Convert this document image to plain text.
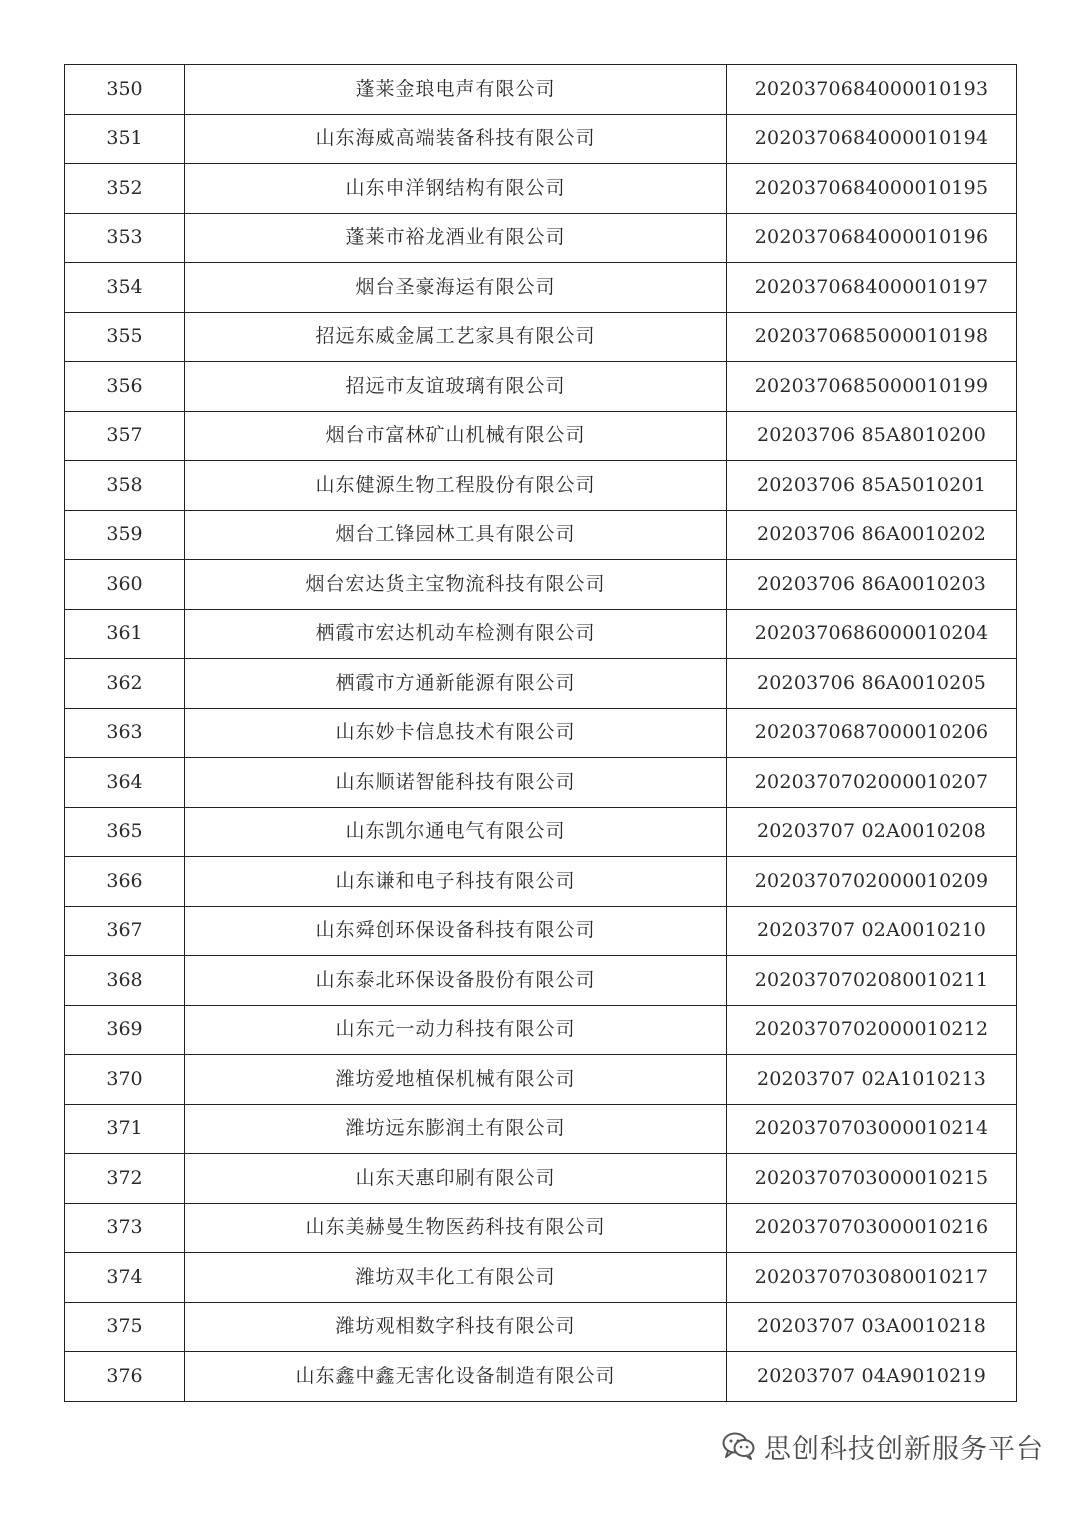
350	蓬莱金琅电声有限公司	2020370684000010193
351	山东海威高端装备科技有限公司	2020370684000010194
352	山东申洋钢结构有限公司	2020370684000010195
353	蓬莱市裕龙酒业有限公司	2020370684000010196
354	烟台圣豪海运有限公司	2020370684000010197
355	招远东威金属工艺家具有限公司	2020370685000010198
356	招远市友谊玻璃有限公司	2020370685000010199
357	烟台市富林矿山机械有限公司	20203706 85A8010200
358	山东健源生物工程股份有限公司	20203706 85A5010201
359	烟台工锋园林工具有限公司	20203706 86A0010202
360	烟台宏达货主宝物流科技有限公司	20203706 86A0010203
361	栖霞市宏达机动车检测有限公司	2020370686000010204
362	栖霞市方通新能源有限公司	20203706 86A0010205
363	山东妙卡信息技术有限公司	2020370687000010206
364	山东顺诺智能科技有限公司	2020370702000010207
365	山东凯尔通电气有限公司	20203707 02A0010208
366	山东谦和电子科技有限公司	2020370702000010209
367	山东舜创环保设备科技有限公司	20203707 02A0010210
368	山东泰北环保设备股份有限公司	2020370702080010211
369	山东元一动力科技有限公司	2020370702000010212
370	潍坊爱地植保机械有限公司	20203707 02A1010213
371	潍坊远东膨润土有限公司	2020370703000010214
372	山东天惠印刷有限公司	2020370703000010215
373	山东美赫曼生物医药科技有限公司	2020370703000010216
374	潍坊双丰化工有限公司	2020370703080010217
375	潍坊观相数字科技有限公司	20203707 03A0010218
376	山东鑫中鑫无害化设备制造有限公司	20203707 04A9010219
思创科技创新服务平台
